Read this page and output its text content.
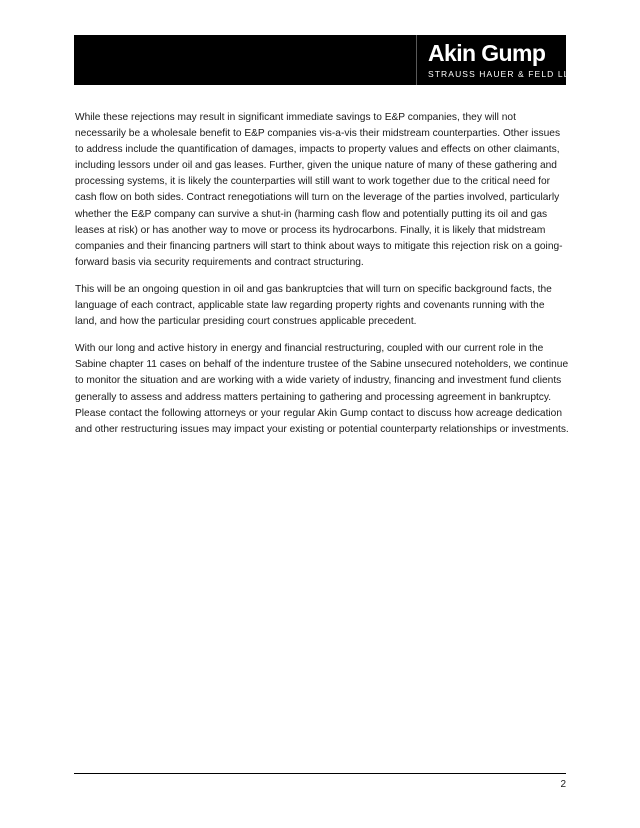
Akin Gump
STRAUSS HAUER & FELD LLP

While these rejections may result in significant immediate savings to E&P companies, they will not necessarily be a wholesale benefit to E&P companies vis-a-vis their midstream counterparties. Other issues to address include the quantification of damages, impacts to property values and effects on other claimants, including lessors under oil and gas leases. Further, given the unique nature of many of these gathering and processing systems, it is likely the counterparties will still want to work together due to the critical need for cash flow on both sides. Contract renegotiations will turn on the leverage of the parties involved, particularly whether the E&P company can survive a shut-in (harming cash flow and potentially putting its oil and gas leases at risk) or has another way to move or process its hydrocarbons. Finally, it is likely that midstream companies and their financing partners will start to think about ways to mitigate this rejection risk on a going-forward basis via security requirements and contract structuring.

This will be an ongoing question in oil and gas bankruptcies that will turn on specific background facts, the language of each contract, applicable state law regarding property rights and covenants running with the land, and how the particular presiding court construes applicable precedent.

With our long and active history in energy and financial restructuring, coupled with our current role in the Sabine chapter 11 cases on behalf of the indenture trustee of the Sabine unsecured noteholders, we continue to monitor the situation and are working with a wide variety of industry, financing and investment fund clients generally to assess and address matters pertaining to gathering and processing agreement in bankruptcy. Please contact the following attorneys or your regular Akin Gump contact to discuss how acreage dedication and other restructuring issues may impact your existing or potential counterparty relationships or investments.

2
